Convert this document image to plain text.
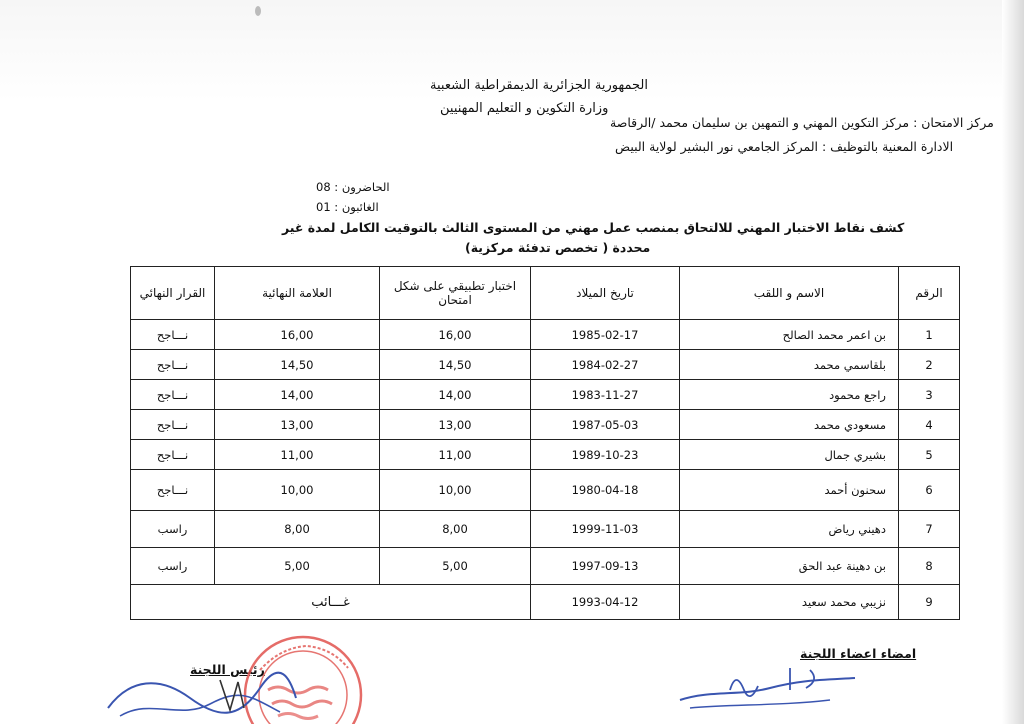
الجمهورية الجزائرية الديمقراطية الشعبية
وزارة التكوين و التعليم المهنيين
مركز الامتحان : مركز التكوين المهني و التمهين بن سليمان محمد /الرقاصة
الادارة المعنية بالتوظيف : المركز الجامعي نور البشير لولاية البيض
الحاضرون : 08
الغائبون : 01
كشف نقاط الاختبار المهني للالتحاق بمنصب عمل مهني من المستوى الثالث بالتوقيت الكامل لمدة غير
محددة ( تخصص تدفئة مركزية)
الرقم	الاسم و اللقب	تاريخ الميلاد	اختبار تطبيقي على شكل امتحان	العلامة النهائية	القرار النهائي
1	بن اعمر محمد الصالح	1985-02-17	16,00	16,00	نـــاجح
2	بلقاسمي محمد	1984-02-27	14,50	14,50	نـــاجح
3	راجع محمود	1983-11-27	14,00	14,00	نـــاجح
4	مسعودي محمد	1987-05-03	13,00	13,00	نـــاجح
5	بشيري جمال	1989-10-23	11,00	11,00	نـــاجح
6	سحنون أحمد	1980-04-18	10,00	10,00	نـــاجح
7	دهيني رياض	1999-11-03	8,00	8,00	راسب
8	بن دهينة عبد الحق	1997-09-13	5,00	5,00	راسب
9	نزيبي محمد سعيد	1993-04-12	غـــائب		
امضاء اعضاء اللجنة
رئيس اللجنة
